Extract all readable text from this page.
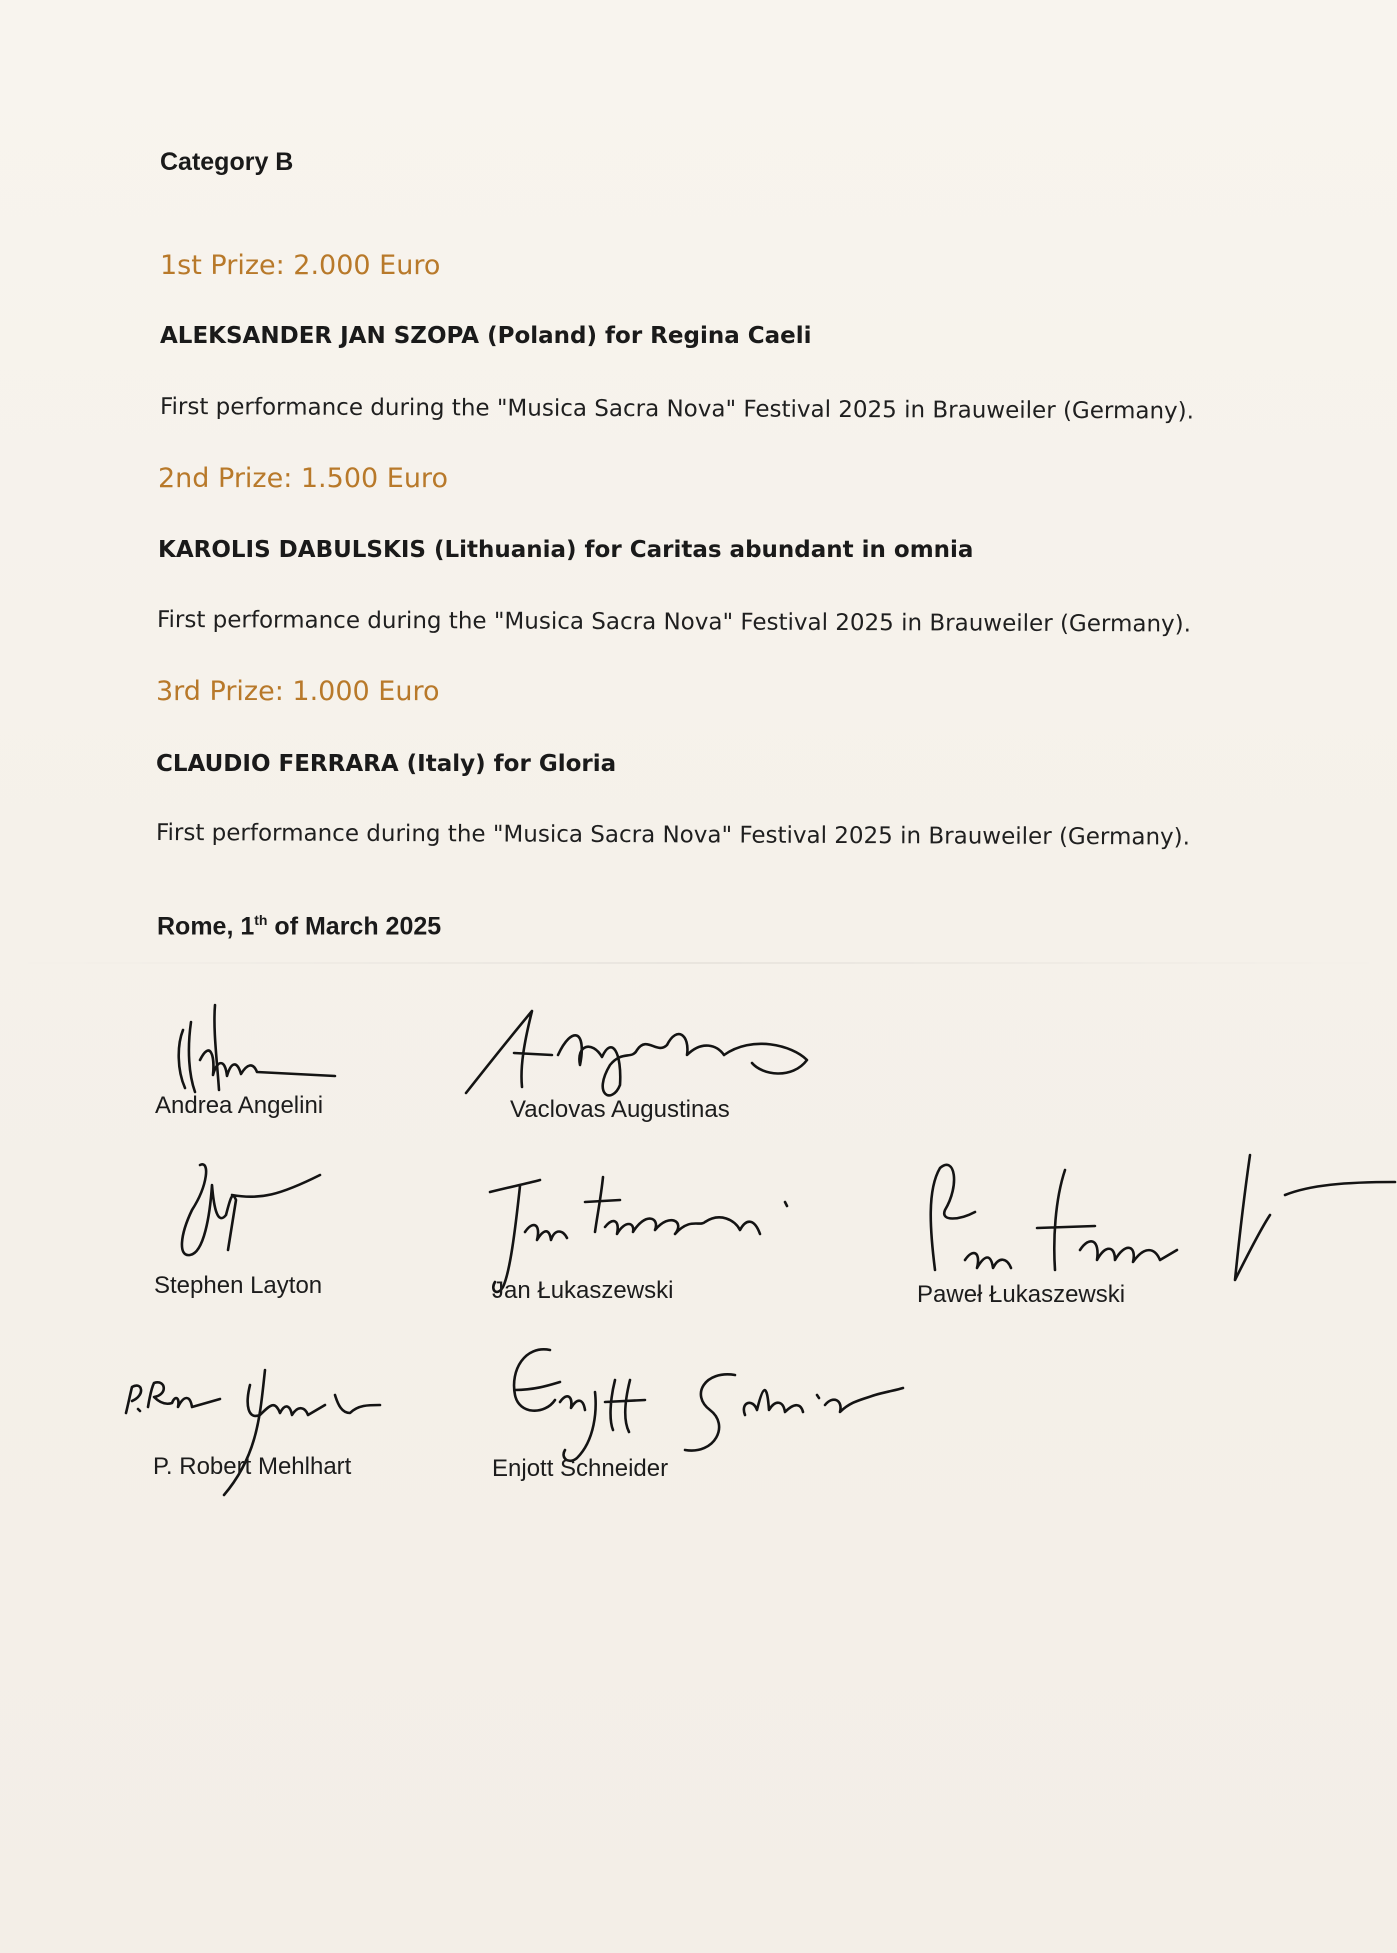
Category B
1st Prize: 2.000 Euro
ALEKSANDER JAN SZOPA (Poland) for Regina Caeli
First performance during the "Musica Sacra Nova" Festival 2025 in Brauweiler (Germany).
2nd Prize: 1.500 Euro
KAROLIS DABULSKIS (Lithuania) for Caritas abundant in omnia
First performance during the "Musica Sacra Nova" Festival 2025 in Brauweiler (Germany).
3rd Prize: 1.000 Euro
CLAUDIO FERRARA (Italy) for Gloria
First performance during the "Musica Sacra Nova" Festival 2025 in Brauweiler (Germany).
Rome, 1th of March 2025
Andrea Angelini	Vaclovas Augustinas
Stephen Layton	Jan Łukaszewski	Paweł Łukaszewski
P. Robert Mehlhart	Enjott Schneider
